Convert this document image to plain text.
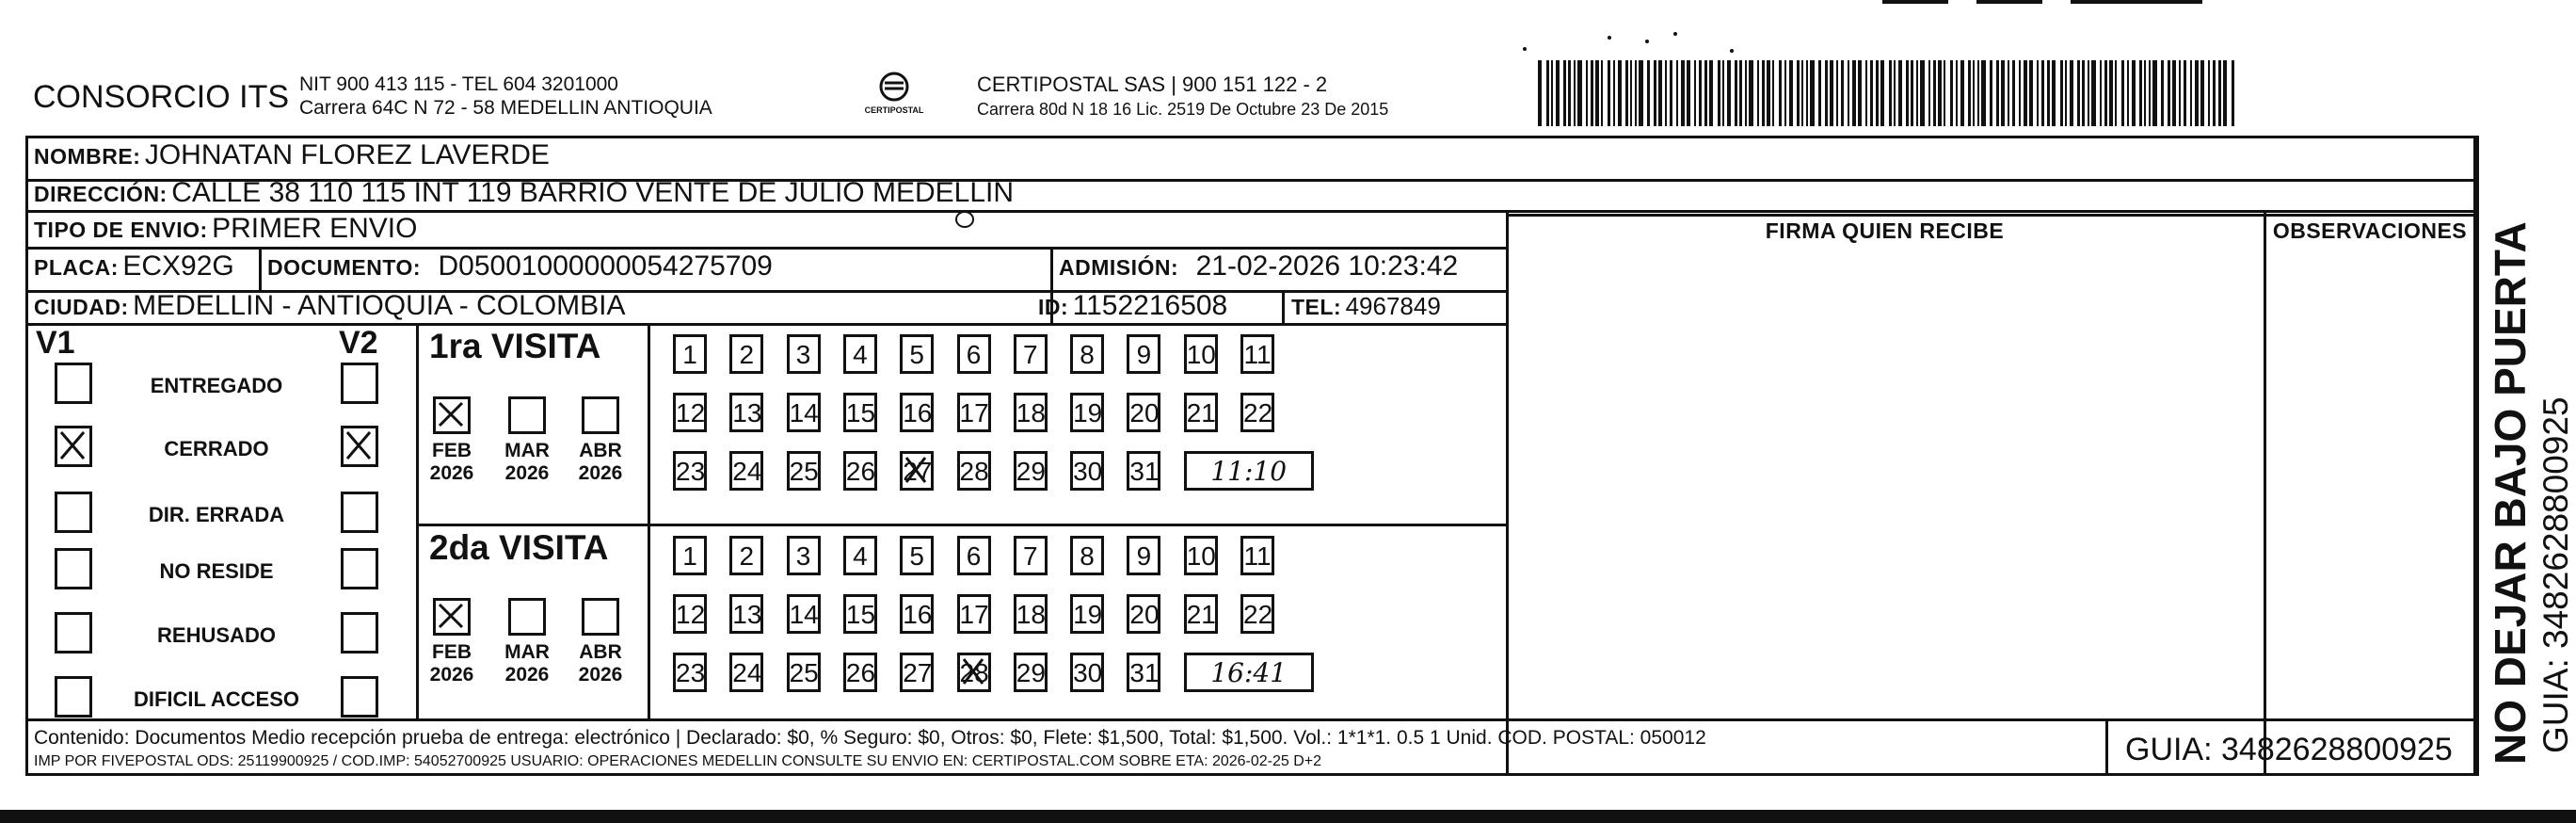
CONSORCIO ITS NIT 900 413 115 - TEL 604 3201000
Carrera 64C N 72 - 58 MEDELLIN ANTIOQUIA	CERTIPOSTAL
CERTIPOSTAL SAS | 900 151 122 - 2
Carrera 80d N 18 16 Lic. 2519 De Octubre 23 De 2015
NOMBRE: JOHNATAN FLOREZ LAVERDE
DIRECCIÓN: CALLE 38 110 115 INT 119 BARRIO VENTE DE JULIO MEDELLIN
TIPO DE ENVIO: PRIMER ENVIO
PLACA: ECX92G DOCUMENTO: D05001000000054275709	ADMISIÓN: 21-02-2026 10:23:42
CIUDAD: MEDELLIN - ANTIOQUIA - COLOMBIA	ID: 1152216508	TEL: 4967849
FIRMA QUIEN RECIBE	OBSERVACIONES
V1	V2
ENTREGADO
CERRADO
DIR. ERRADA
NO RESIDE
REHUSADO
DIFICIL ACCESO
1ra VISITA
FEB
2026
MAR
2026
ABR
2026
1	2	3	4	5	6	7	8	9	10 11
12 13 14 15 16 17 18 19 20 21 22
23 24 25 26 27 28 29 30 31	11:10
2da VISITA
FEB
2026
MAR
2026
ABR
2026
1	2	3	4	5	6	7	8	9	10 11
12 13 14 15 16 17 18 19 20 21 22
23 24 25 26 27 28 29 30 31	16:41
Contenido: Documentos Medio recepción prueba de entrega: electrónico | Declarado: $0, % Seguro: $0, Otros: $0, Flete: $1,500, Total: $1,500. Vol.: 1*1*1. 0.5 1 Unid. COD. POSTAL: 050012
IMP POR FIVEPOSTAL ODS: 25119900925 / COD.IMP: 54052700925 USUARIO: OPERACIONES MEDELLIN CONSULTE SU ENVIO EN: CERTIPOSTAL.COM SOBRE ETA: 2026-02-25 D+2	GUIA: 3482628800925 NO DEJAR BAJO PUERTA GUIA: 3482628800925
